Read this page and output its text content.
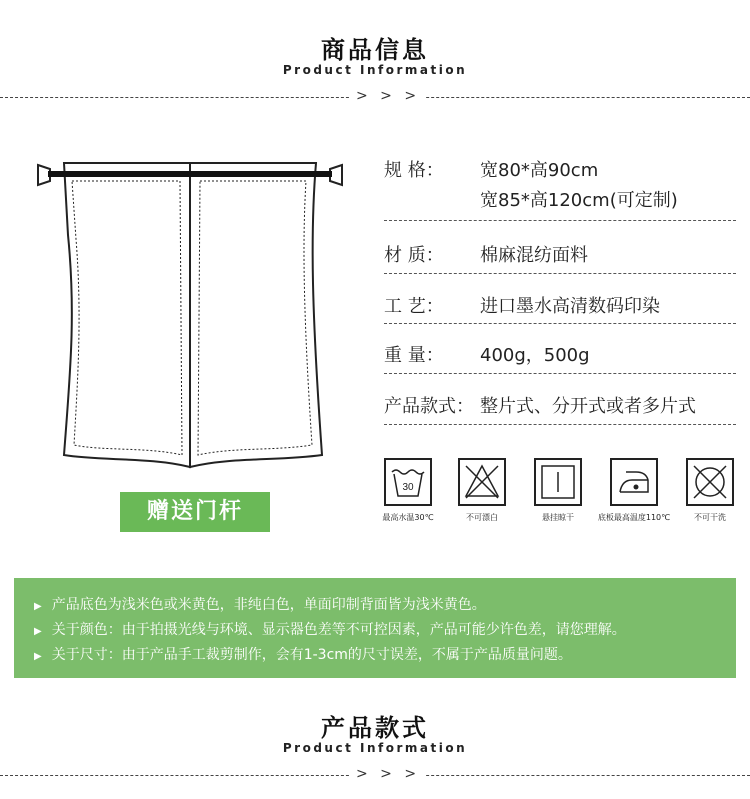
商品信息
Product Information
> > >
赠送门杆
规 格： 宽80*高90cm
宽85*高120cm(可定制)
材 质： 棉麻混纺面料
工 艺： 进口墨水高清数码印染
重 量： 400g，500g
产品款式： 整片式、分开式或者多片式
30
最高水温30℃	不可漂白	悬挂晾干	底板最高温度110℃	不可干洗
▶ 产品底色为浅米色或米黄色，非纯白色，单面印制背面皆为浅米黄色。
▶ 关于颜色：由于拍摄光线与环境、显示器色差等不可控因素，产品可能少许色差，请您理解。
▶ 关于尺寸：由于产品手工裁剪制作，会有1-3cm的尺寸误差，不属于产品质量问题。
产品款式
Product Information
> > >
